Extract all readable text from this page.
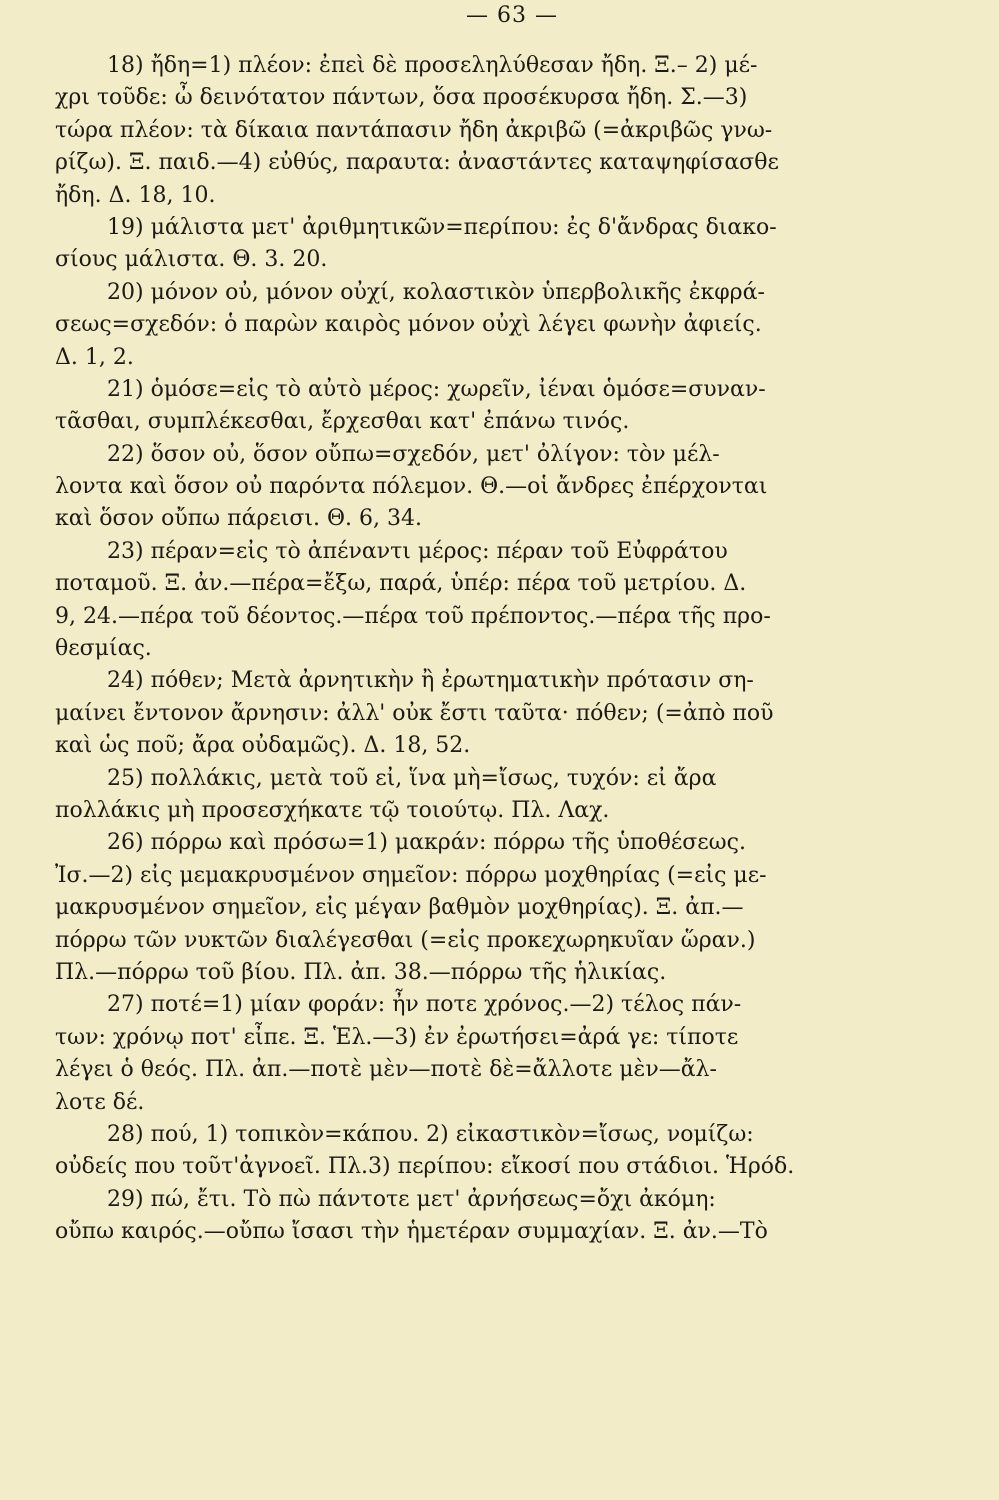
— 63 —
18) ἤδη=1) πλέον: ἐπεὶ δὲ προσεληλύθεσαν ἤδη. Ξ.– 2) μέ-
χρι τοῦδε: ὦ δεινότατον πάντων, ὅσα προσέκυρσα ἤδη. Σ.—3)
τώρα πλέον: τὰ δίκαια παντάπασιν ἤδη ἀκριβῶ (=ἀκριβῶς γνω-
ρίζω). Ξ. παιδ.—4) εὐθύς, παραυτα: ἀναστάντες καταψηφίσασθε
ἤδη. Δ. 18, 10.
19) μάλιστα μετ' ἀριθμητικῶν=περίπου: ἐς δ'ἄνδρας διακο-
σίους μάλιστα. Θ. 3. 20.
20) μόνον οὐ, μόνον οὐχί, κολαστικὸν ὑπερβολικῆς ἐκφρά-
σεως=σχεδόν: ὁ παρὼν καιρὸς μόνον οὐχὶ λέγει φωνὴν ἀφιείς.
Δ. 1, 2.
21) ὁμόσε=εἰς τὸ αὐτὸ μέρος: χωρεῖν, ἰέναι ὁμόσε=συναν-
τᾶσθαι, συμπλέκεσθαι, ἔρχεσθαι κατ' ἐπάνω τινός.
22) ὅσον οὐ, ὅσον οὔπω=σχεδόν, μετ' ὀλίγον: τὸν μέλ-
λοντα καὶ ὅσον οὐ παρόντα πόλεμον. Θ.—οἱ ἄνδρες ἐπέρχονται
καὶ ὅσον οὔπω πάρεισι. Θ. 6, 34.
23) πέραν=εἰς τὸ ἀπέναντι μέρος: πέραν τοῦ Εὐφράτου
ποταμοῦ. Ξ. ἀν.—πέρα=ἔξω, παρά, ὑπέρ: πέρα τοῦ μετρίου. Δ.
9, 24.—πέρα τοῦ δέοντος.—πέρα τοῦ πρέποντος.—πέρα τῆς προ-
θεσμίας.
24) πόθεν; Μετὰ ἀρνητικὴν ἢ ἐρωτηματικὴν πρότασιν ση-
μαίνει ἔντονον ἄρνησιν: ἀλλ' οὐκ ἔστι ταῦτα· πόθεν; (=ἀπὸ ποῦ
καὶ ὡς ποῦ; ἄρα οὐδαμῶς). Δ. 18, 52.
25) πολλάκις, μετὰ τοῦ εἰ, ἵνα μὴ=ἴσως, τυχόν: εἰ ἄρα
πολλάκις μὴ προσεσχήκατε τῷ τοιούτῳ. Πλ. Λαχ.
26) πόρρω καὶ πρόσω=1) μακράν: πόρρω τῆς ὑποθέσεως.
Ἰσ.—2) εἰς μεμακρυσμένον σημεῖον: πόρρω μοχθηρίας (=εἰς με-
μακρυσμένον σημεῖον, εἰς μέγαν βαθμὸν μοχθηρίας). Ξ. ἀπ.—
πόρρω τῶν νυκτῶν διαλέγεσθαι (=εἰς προκεχωρηκυῖαν ὥραν.)
Πλ.—πόρρω τοῦ βίου. Πλ. ἀπ. 38.—πόρρω τῆς ἡλικίας.
27) ποτέ=1) μίαν φοράν: ἦν ποτε χρόνος.—2) τέλος πάν-
των: χρόνῳ ποτ' εἶπε. Ξ. Ἑλ.—3) ἐν ἐρωτήσει=ἀρά γε: τίποτε
λέγει ὁ θεός. Πλ. ἀπ.—ποτὲ μὲν—ποτὲ δὲ=ἄλλοτε μὲν—ἄλ-
λοτε δέ.
28) πού, 1) τοπικὸν=κάπου. 2) εἰκαστικὸν=ἴσως, νομίζω:
οὐδείς που τοῦτ'ἀγνοεῖ. Πλ.3) περίπου: εἴκοσί που στάδιοι. Ἡρόδ.
29) πώ, ἔτι. Τὸ πὼ πάντοτε μετ' ἀρνήσεως=ὄχι ἀκόμη:
οὔπω καιρός.—οὔπω ἴσασι τὴν ἡμετέραν συμμαχίαν. Ξ. ἀν.—Τὸ
